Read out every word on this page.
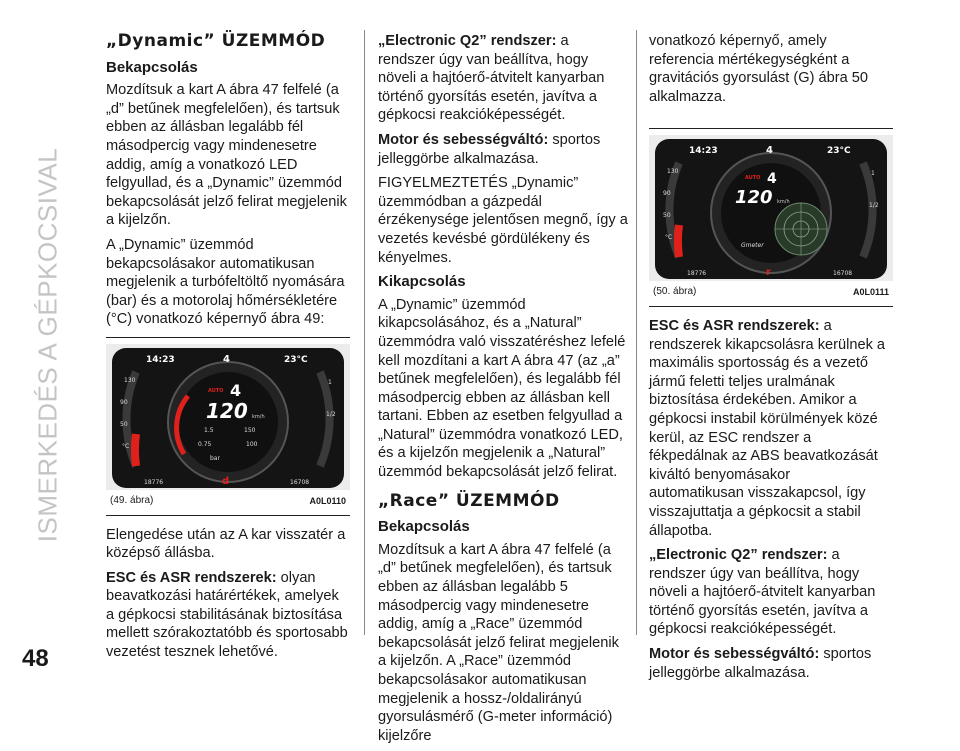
ISMERKEDÉS A GÉPKOCSIVAL
48
„Dynamic” ÜZEMMÓD
Bekapcsolás

Mozdítsuk a kart A ábra 47 felfelé (a „d” betűnek megfelelően), és tartsuk ebben az állásban legalább fél másodpercig vagy mindenesetre addig, amíg a vonatkozó LED felgyullad, és a „Dynamic” üzemmód bekapcsolását jelző felirat megjelenik a kijelzőn.

A „Dynamic” üzemmód bekapcsolásakor automatikusan megjelenik a turbófeltöltő nyomására (bar) és a motorolaj hőmérsékletére (°C) vonatkozó képernyő ábra 49:

14:23	4	23°C
130
90
50
°C
1
1/2
AUTO 4
120 km/h
1.5	150
0.75	100
bar
18776	d	16708
(49. ábra)	A0L0110

Elengedése után az A kar visszatér a középső állásba.

ESC és ASR rendszerek: olyan beavatkozási határértékek, amelyek a gépkocsi stabilitásának biztosítása mellett szórakoztatóbb és sportosabb vezetést tesznek lehetővé.

„Electronic Q2” rendszer: a rendszer úgy van beállítva, hogy növeli a hajtóerő-átvitelt kanyarban történő gyorsítás esetén, javítva a gépkocsi reakcióképességét.

Motor és sebességváltó: sportos jelleggörbe alkalmazása.

FIGYELMEZTETÉS „Dynamic” üzemmódban a gázpedál érzékenysége jelentősen megnő, így a vezetés kevésbé gördülékeny és kényelmes.

Kikapcsolás

A „Dynamic” üzemmód kikapcsolásához, és a „Natural” üzemmódra való visszatéréshez lefelé kell mozdítani a kart A ábra 47 (az „a” betűnek megfelelően), és legalább fél másodpercig ebben az állásban kell tartani. Ebben az esetben felgyullad a „Natural” üzemmódra vonatkozó LED, és a kijelzőn megjelenik a „Natural” üzemmód bekapcsolását jelző felirat.

„Race” ÜZEMMÓD
Bekapcsolás

Mozdítsuk a kart A ábra 47 felfelé (a „d” betűnek megfelelően), és tartsuk ebben az állásban legalább 5 másodpercig vagy mindenesetre addig, amíg a „Race” üzemmód bekapcsolását jelző felirat megjelenik a kijelzőn. A „Race” üzemmód bekapcsolásakor automatikusan megjelenik a hossz-/oldalirányú gyorsulásmérő (G-meter információ) kijelzőre

vonatkozó képernyő, amely referencia mértékegységként a gravitációs gyorsulást (G) ábra 50 alkalmazza.

14:23	4	23°C
130
90
50
°C
1
1/2
AUTO 4
120 km/h
Gmeter
18776	r	16708
(50. ábra)	A0L0111

ESC és ASR rendszerek: a rendszerek kikapcsolásra kerülnek a maximális sportosság és a vezető jármű feletti teljes uralmának biztosítása érdekében. Amikor a gépkocsi instabil körülmények közé kerül, az ESC rendszer a fékpedálnak az ABS beavatkozását kiváltó benyomásakor automatikusan visszakapcsol, így visszajuttatja a gépkocsit a stabil állapotba.

„Electronic Q2” rendszer: a rendszer úgy van beállítva, hogy növeli a hajtóerő-átvitelt kanyarban történő gyorsítás esetén, javítva a gépkocsi reakcióképességét.

Motor és sebességváltó: sportos jelleggörbe alkalmazása.
